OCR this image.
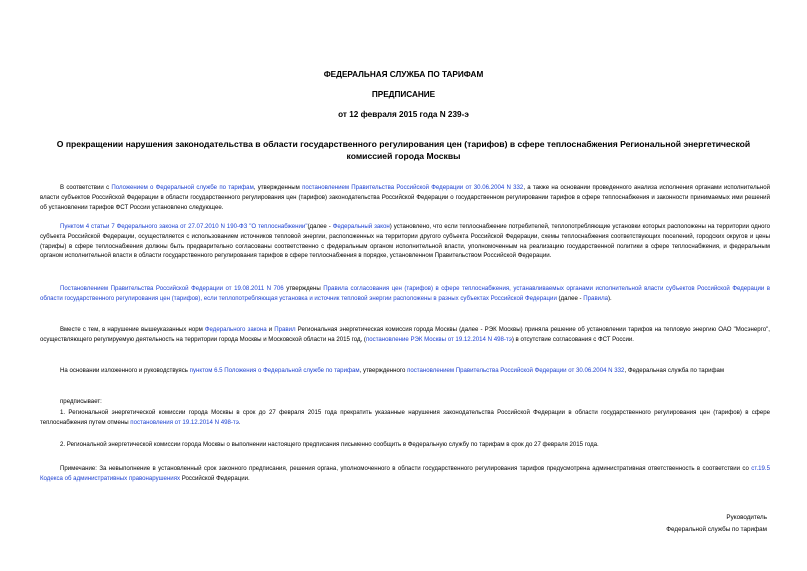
ФЕДЕРАЛЬНАЯ СЛУЖБА ПО ТАРИФАМ
ПРЕДПИСАНИЕ
от 12 февраля 2015 года N 239-э
О прекращении нарушения законодательства в области государственного регулирования цен (тарифов) в сфере теплоснабжения Региональной энергетической комиссией города Москвы
В соответствии с Положением о Федеральной службе по тарифам, утвержденным постановлением Правительства Российской Федерации от 30.06.2004 N 332, а также на основании проведенного анализа исполнения органами исполнительной власти субъектов Российской Федерации в области государственного регулирования цен (тарифов) законодательства Российской Федерации о государственном регулировании тарифов в сфере теплоснабжения и законности принимаемых ими решений об установлении тарифов ФСТ России установлено следующее.
Пунктом 4 статьи 7 Федерального закона от 27.07.2010 N 190-ФЗ "О теплоснабжении"(далее - Федеральный закон) установлено, что если теплоснабжение потребителей, теплопотребляющие установки которых расположены на территории одного субъекта Российской Федерации, осуществляется с использованием источников тепловой энергии, расположенных на территории другого субъекта Российской Федерации, схемы теплоснабжения соответствующих поселений, городских округов и цены (тарифы) в сфере теплоснабжения должны быть предварительно согласованы соответственно с федеральным органом исполнительной власти, уполномоченным на реализацию государственной политики в сфере теплоснабжения, и федеральным органом исполнительной власти в области государственного регулирования тарифов в сфере теплоснабжения в порядке, установленном Правительством Российской Федерации.
Постановлением Правительства Российской Федерации от 19.08.2011 N 706 утверждены Правила согласования цен (тарифов) в сфере теплоснабжения, устанавливаемых органами исполнительной власти субъектов Российской Федерации в области государственного регулирования цен (тарифов), если теплопотребляющая установка и источник тепловой энергии расположены в разных субъектах Российской Федерации (далее - Правила).
Вместе с тем, в нарушение вышеуказанных норм Федерального закона и Правил Региональная энергетическая комиссия города Москвы (далее - РЭК Москвы) приняла решение об установлении тарифов на тепловую энергию ОАО "Мосэнерго", осуществляющего регулируемую деятельность на территории города Москвы и Московской области на 2015 год, (постановление РЭК Москвы от 19.12.2014 N 498-тэ) в отсутствие согласования с ФСТ России.
На основании изложенного и руководствуясь пунктом 6.5 Положения о Федеральной службе по тарифам, утвержденного постановлением Правительства Российской Федерации от 30.06.2004 N 332, Федеральная служба по тарифам
предписывает:
1. Региональной энергетической комиссии города Москвы в срок до 27 февраля 2015 года прекратить указанные нарушения законодательства Российской Федерации в области государственного регулирования цен (тарифов) в сфере теплоснабжения путем отмены постановления от 19.12.2014 N 498-тэ.
2. Региональной энергетической комиссии города Москвы о выполнении настоящего предписания письменно сообщить в Федеральную службу по тарифам в срок до 27 февраля 2015 года.
Примечание: За невыполнение в установленный срок законного предписания, решения органа, уполномоченного в области государственного регулирования тарифов предусмотрена административная ответственность в соответствии со ст.19.5 Кодекса об административных правонарушениях Российской Федерации.
Руководитель
Федеральной службы по тарифам
